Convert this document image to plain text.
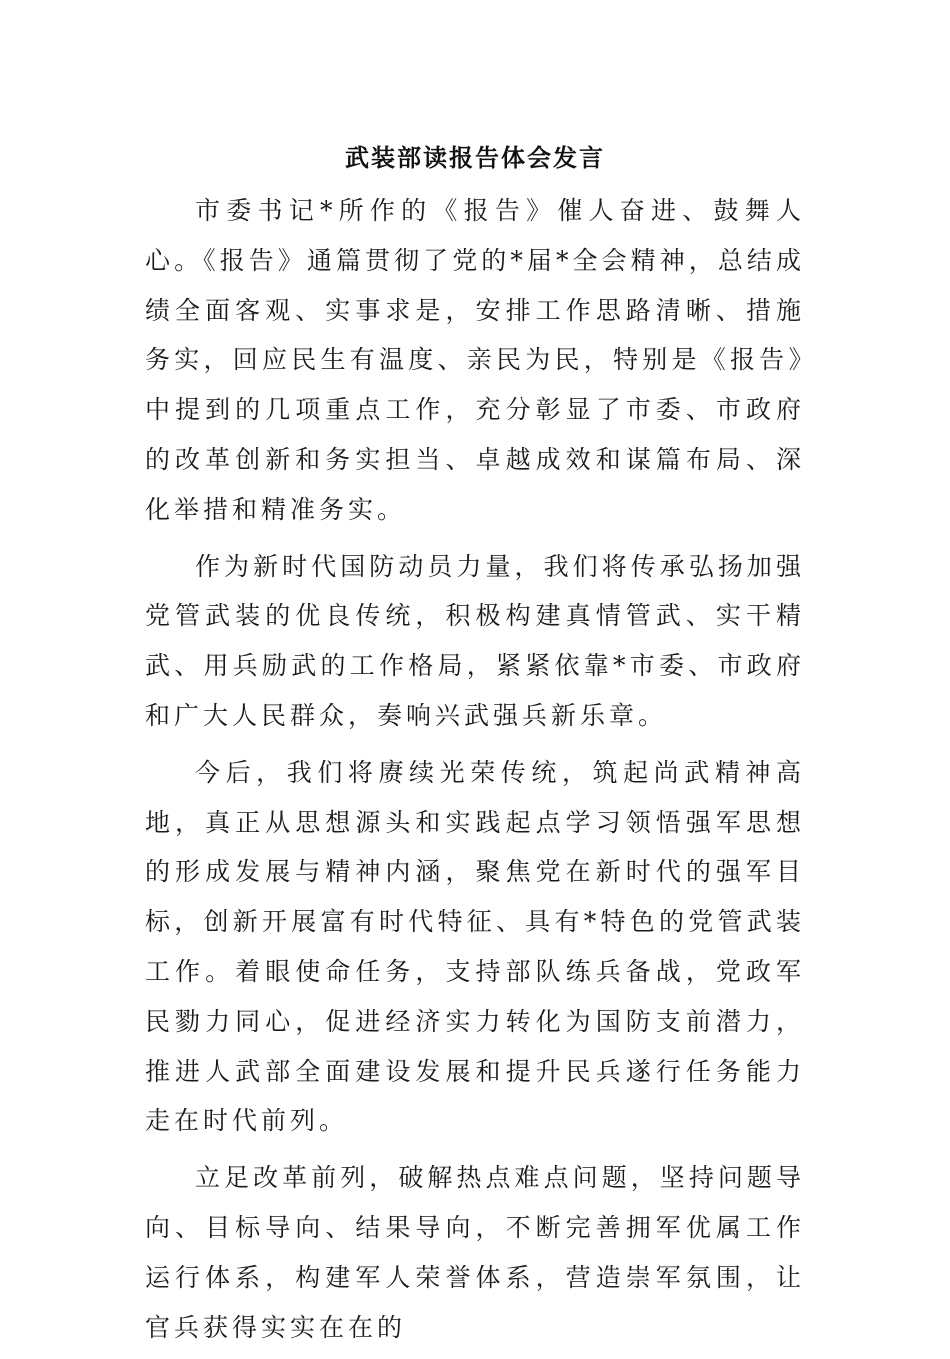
武装部读报告体会发言

市委书记*所作的《报告》催人奋进、鼓舞人心。《报告》通篇贯彻了党的*届*全会精神，总结成绩全面客观、实事求是，安排工作思路清晰、措施务实，回应民生有温度、亲民为民，特别是《报告》中提到的几项重点工作，充分彰显了市委、市政府的改革创新和务实担当、卓越成效和谋篇布局、深化举措和精准务实。

作为新时代国防动员力量，我们将传承弘扬加强党管武装的优良传统，积极构建真情管武、实干精武、用兵励武的工作格局，紧紧依靠*市委、市政府和广大人民群众，奏响兴武强兵新乐章。

今后，我们将赓续光荣传统，筑起尚武精神高地，真正从思想源头和实践起点学习领悟强军思想的形成发展与精神内涵，聚焦党在新时代的强军目标，创新开展富有时代特征、具有*特色的党管武装工作。着眼使命任务，支持部队练兵备战，党政军民勠力同心，促进经济实力转化为国防支前潜力，推进人武部全面建设发展和提升民兵遂行任务能力走在时代前列。

立足改革前列，破解热点难点问题，坚持问题导向、目标导向、结果导向，不断完善拥军优属工作运行体系，构建军人荣誉体系，营造崇军氛围，让官兵获得实实在在的
